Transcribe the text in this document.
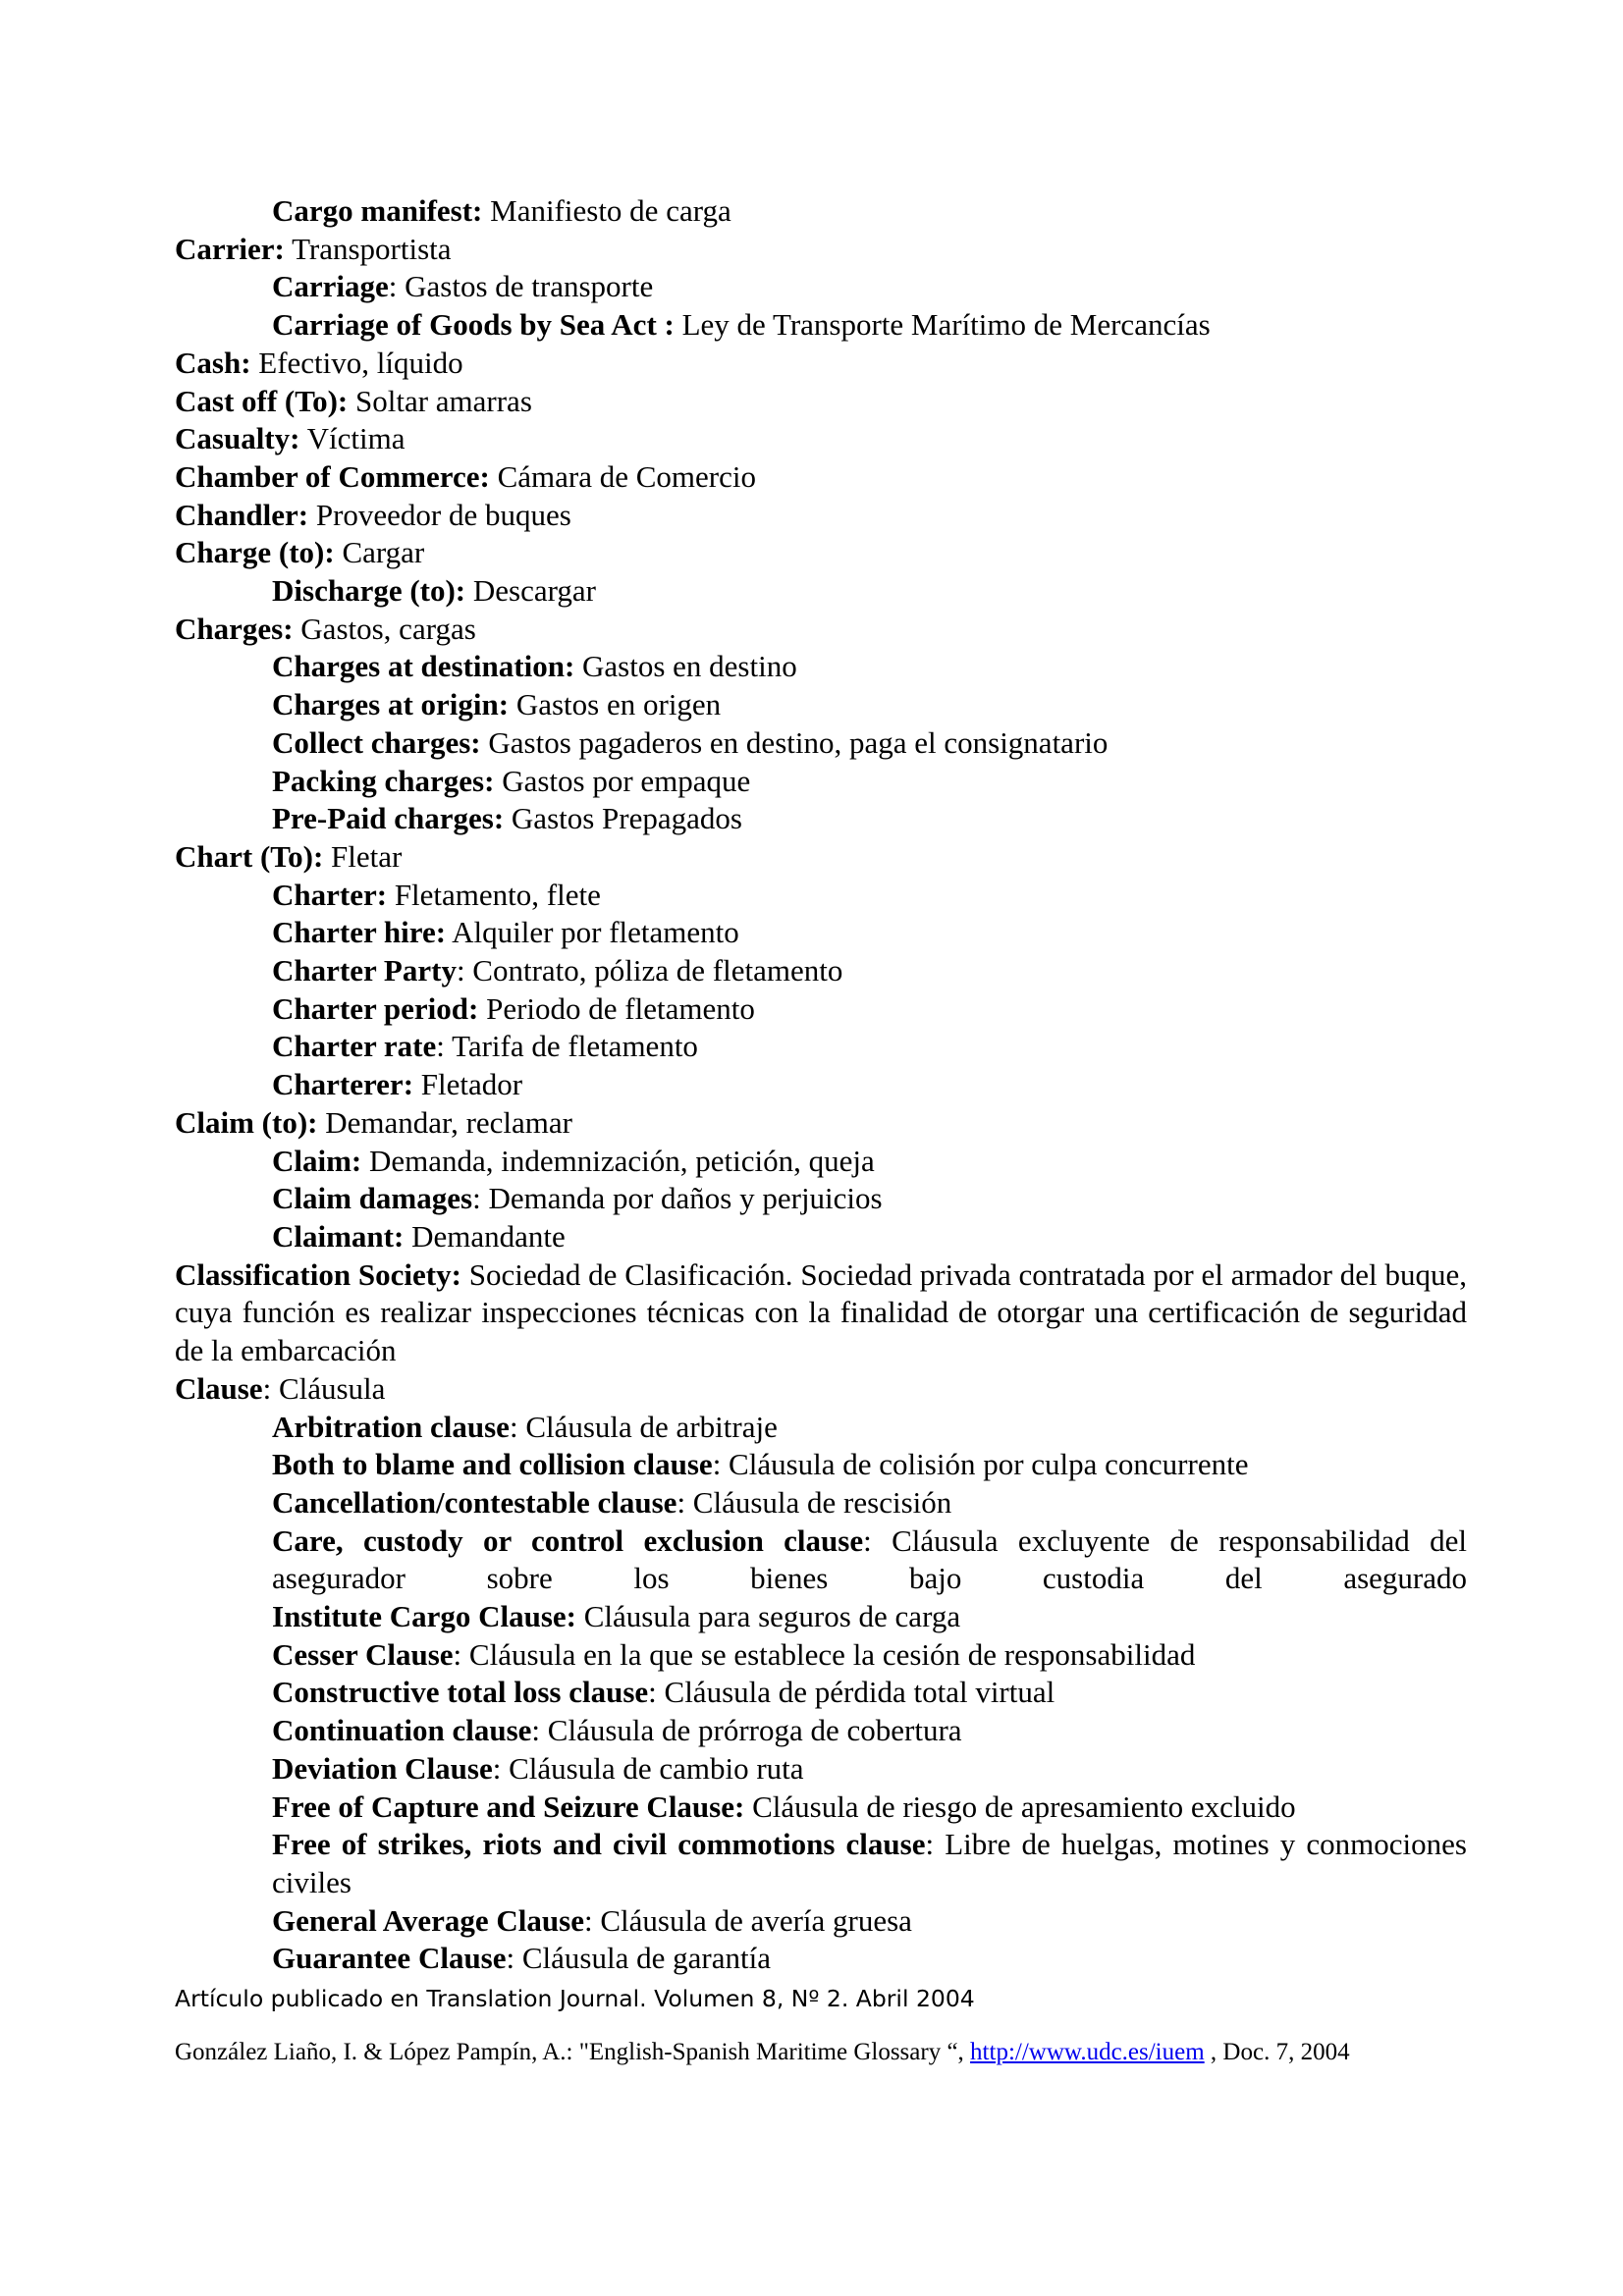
Cargo manifest: Manifiesto de carga

Carrier: Transportista

Carriage: Gastos de transporte

Carriage of Goods by Sea Act : Ley de Transporte Marítimo de Mercancías

Cash: Efectivo, líquido

Cast off (To): Soltar amarras

Casualty: Víctima

Chamber of Commerce: Cámara de Comercio

Chandler: Proveedor de buques

Charge (to): Cargar

Discharge (to): Descargar

Charges: Gastos, cargas

Charges at destination: Gastos en destino

Charges at origin: Gastos en origen

Collect charges: Gastos pagaderos en destino, paga el consignatario

Packing charges: Gastos por empaque

Pre-Paid charges: Gastos Prepagados

Chart (To): Fletar

Charter: Fletamento, flete

Charter hire: Alquiler por fletamento

Charter Party: Contrato, póliza de fletamento

Charter period: Periodo de fletamento

Charter rate: Tarifa de fletamento

Charterer: Fletador

Claim (to): Demandar, reclamar

Claim: Demanda, indemnización, petición, queja

Claim damages: Demanda por daños y perjuicios

Claimant: Demandante

Classification Society: Sociedad de Clasificación. Sociedad privada contratada por el armador del buque, cuya función es realizar inspecciones técnicas con la finalidad de otorgar una certificación de seguridad de la embarcación

Clause: Cláusula

Arbitration clause: Cláusula de arbitraje

Both to blame and collision clause: Cláusula de colisión por culpa concurrente

Cancellation/contestable clause: Cláusula de rescisión

Care, custody or control exclusion clause: Cláusula excluyente de responsabilidad del asegurador sobre los bienes bajo custodia del asegurado

Institute Cargo Clause: Cláusula para seguros de carga

Cesser Clause: Cláusula en la que se establece la cesión de responsabilidad

Constructive total loss clause: Cláusula de pérdida total virtual

Continuation clause: Cláusula de prórroga de cobertura

Deviation Clause: Cláusula de cambio ruta

Free of Capture and Seizure Clause: Cláusula de riesgo de apresamiento excluido

Free of strikes, riots and civil commotions clause: Libre de huelgas, motines y conmociones civiles

General Average Clause: Cláusula de avería gruesa

Guarantee Clause: Cláusula de garantía

Artículo publicado en Translation Journal. Volumen 8, Nº 2. Abril 2004
González Liaño, I. & López Pampín, A.: "English-Spanish Maritime Glossary “, http://www.udc.es/iuem , Doc. 7, 2004
